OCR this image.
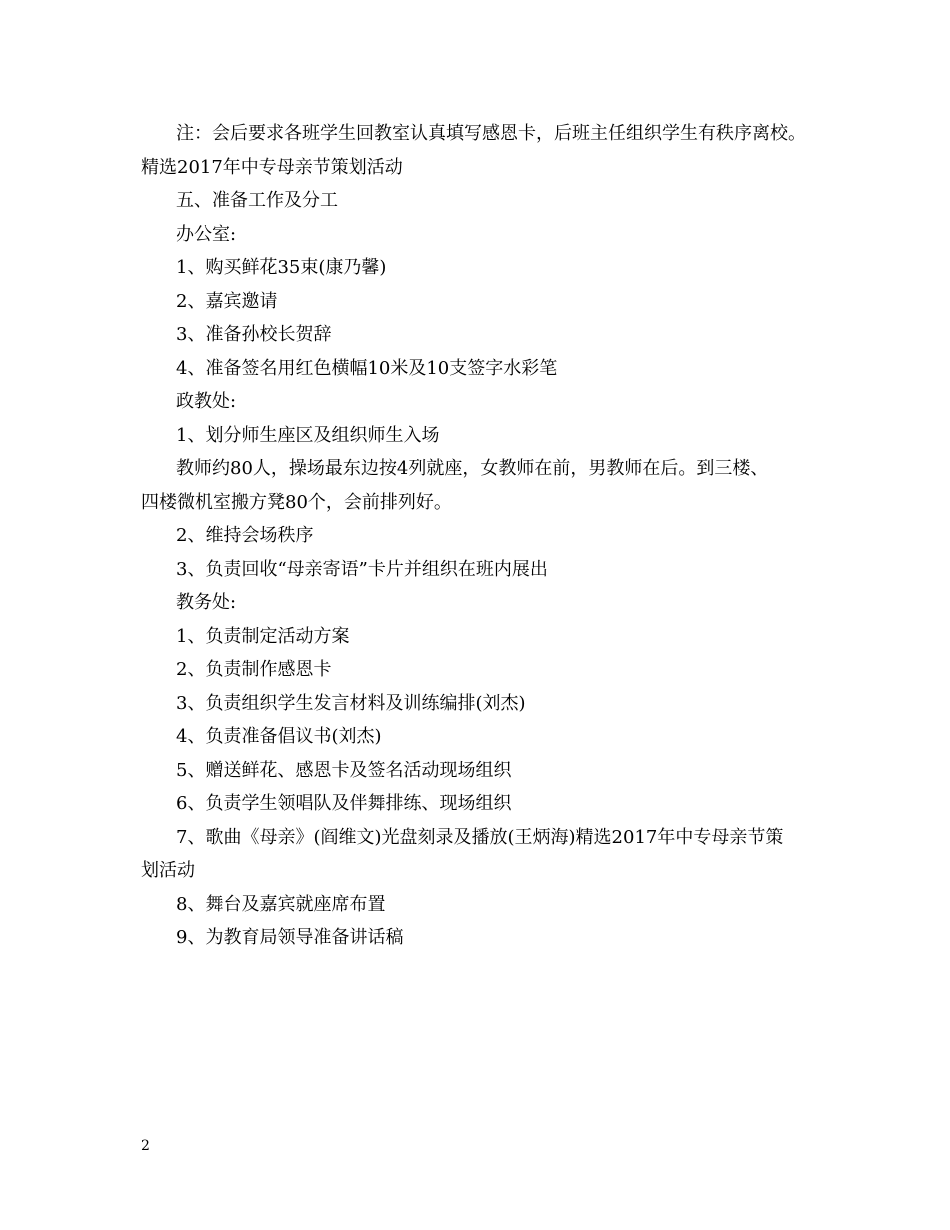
注：会后要求各班学生回教室认真填写感恩卡，后班主任组织学生有秩序离校。

精选2017年中专母亲节策划活动

五、准备工作及分工

办公室:

1、购买鲜花35束(康乃馨)

2、嘉宾邀请

3、准备孙校长贺辞

4、准备签名用红色横幅10米及10支签字水彩笔

政教处:

1、划分师生座区及组织师生入场

教师约80人，操场最东边按4列就座，女教师在前，男教师在后。到三楼、

四楼微机室搬方凳80个，会前排列好。

2、维持会场秩序

3、负责回收“母亲寄语”卡片并组织在班内展出

教务处:

1、负责制定活动方案

2、负责制作感恩卡

3、负责组织学生发言材料及训练编排(刘杰)

4、负责准备倡议书(刘杰)

5、赠送鲜花、感恩卡及签名活动现场组织

6、负责学生领唱队及伴舞排练、现场组织

7、歌曲《母亲》(阎维文)光盘刻录及播放(王炳海)精选2017年中专母亲节策

划活动

8、舞台及嘉宾就座席布置

9、为教育局领导准备讲话稿

2
